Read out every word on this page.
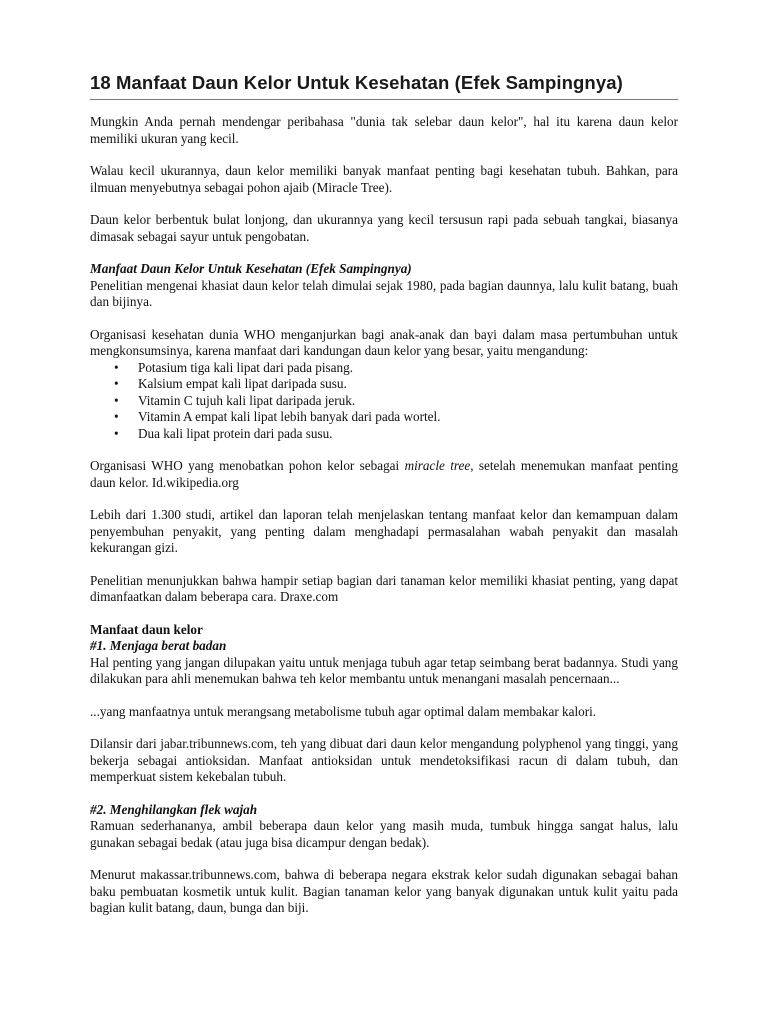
18 Manfaat Daun Kelor Untuk Kesehatan (Efek Sampingnya)

Mungkin Anda pernah mendengar peribahasa "dunia tak selebar daun kelor", hal itu karena daun kelor memiliki ukuran yang kecil.

Walau kecil ukurannya, daun kelor memiliki banyak manfaat penting bagi kesehatan tubuh. Bahkan, para ilmuan menyebutnya sebagai pohon ajaib (Miracle Tree).

Daun kelor berbentuk bulat lonjong, dan ukurannya yang kecil tersusun rapi pada sebuah tangkai, biasanya dimasak sebagai sayur untuk pengobatan.

Manfaat Daun Kelor Untuk Kesehatan (Efek Sampingnya)

Penelitian mengenai khasiat daun kelor telah dimulai sejak 1980, pada bagian daunnya, lalu kulit batang, buah dan bijinya.

Organisasi kesehatan dunia WHO menganjurkan bagi anak-anak dan bayi dalam masa pertumbuhan untuk mengkonsumsinya, karena manfaat dari kandungan daun kelor yang besar, yaitu mengandung:

• Potasium tiga kali lipat dari pada pisang.
• Kalsium empat kali lipat daripada susu.
• Vitamin C tujuh kali lipat daripada jeruk.
• Vitamin A empat kali lipat lebih banyak dari pada wortel.
• Dua kali lipat protein dari pada susu.

Organisasi WHO yang menobatkan pohon kelor sebagai miracle tree, setelah menemukan manfaat penting daun kelor. Id.wikipedia.org

Lebih dari 1.300 studi, artikel dan laporan telah menjelaskan tentang manfaat kelor dan kemampuan dalam penyembuhan penyakit, yang penting dalam menghadapi permasalahan wabah penyakit dan masalah kekurangan gizi.

Penelitian menunjukkan bahwa hampir setiap bagian dari tanaman kelor memiliki khasiat penting, yang dapat dimanfaatkan dalam beberapa cara. Draxe.com

Manfaat daun kelor

#1. Menjaga berat badan

Hal penting yang jangan dilupakan yaitu untuk menjaga tubuh agar tetap seimbang berat badannya. Studi yang dilakukan para ahli menemukan bahwa teh kelor membantu untuk menangani masalah pencernaan...

...yang manfaatnya untuk merangsang metabolisme tubuh agar optimal dalam membakar kalori.

Dilansir dari jabar.tribunnews.com, teh yang dibuat dari daun kelor mengandung polyphenol yang tinggi, yang bekerja sebagai antioksidan. Manfaat antioksidan untuk mendetoksifikasi racun di dalam tubuh, dan memperkuat sistem kekebalan tubuh.

#2. Menghilangkan flek wajah

Ramuan sederhananya, ambil beberapa daun kelor yang masih muda, tumbuk hingga sangat halus, lalu gunakan sebagai bedak (atau juga bisa dicampur dengan bedak).

Menurut makassar.tribunnews.com, bahwa di beberapa negara ekstrak kelor sudah digunakan sebagai bahan baku pembuatan kosmetik untuk kulit. Bagian tanaman kelor yang banyak digunakan untuk kulit yaitu pada bagian kulit batang, daun, bunga dan biji.
